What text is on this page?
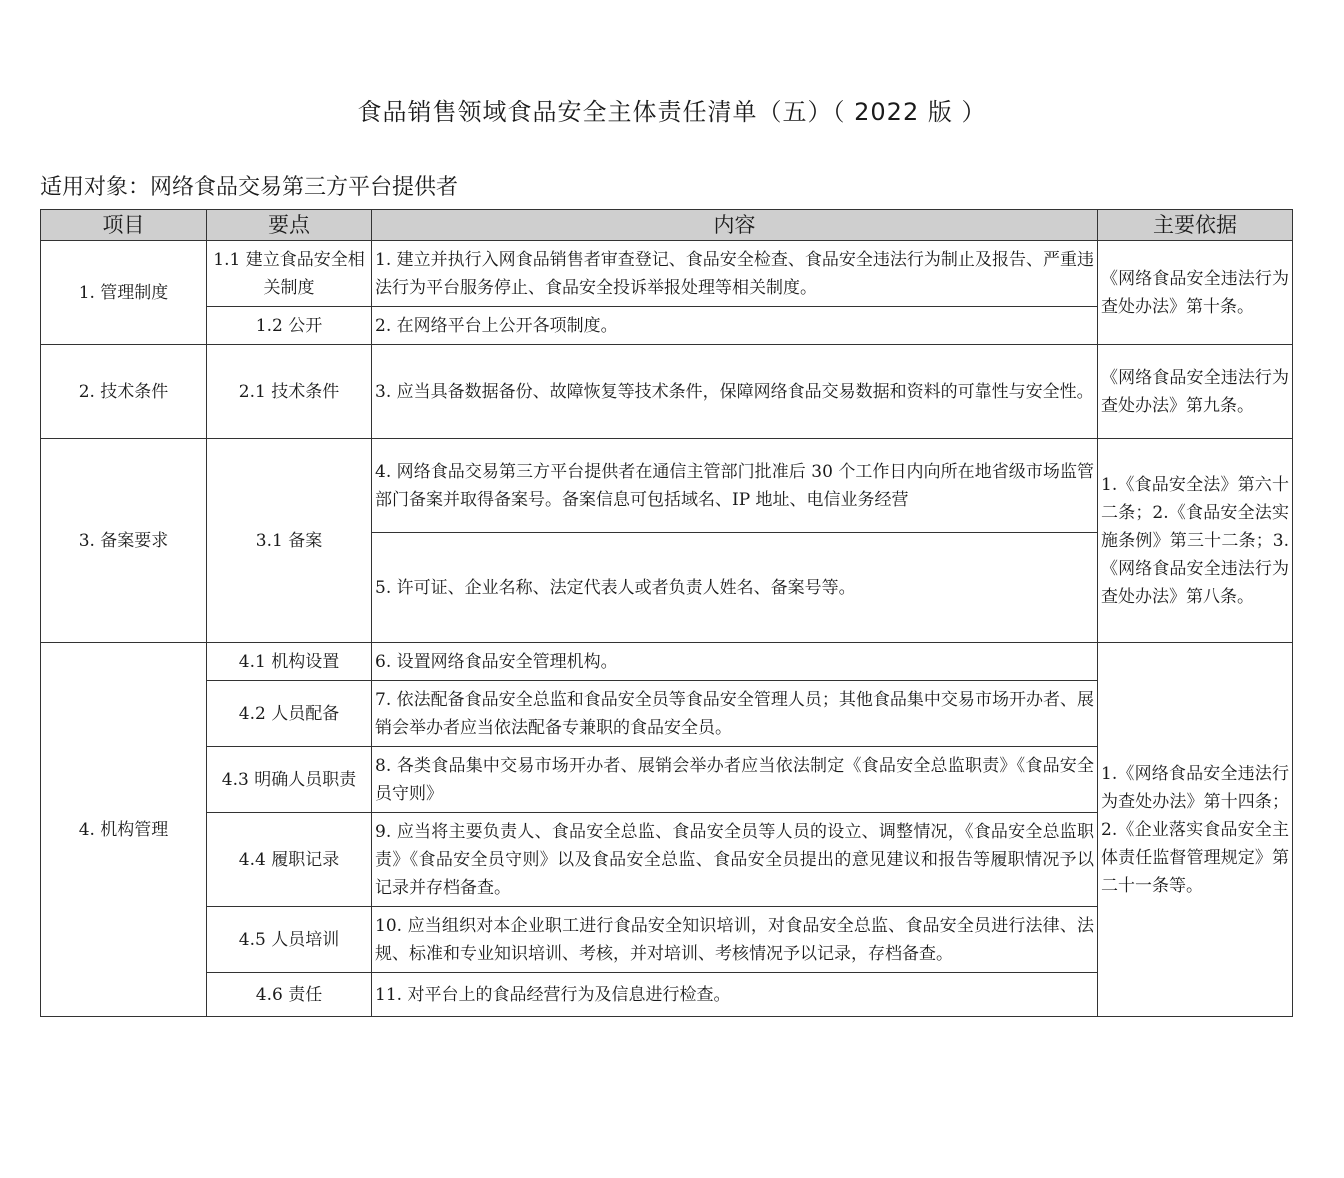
食品销售领域食品安全主体责任清单（五）（ 2022 版 ）
适用对象：网络食品交易第三方平台提供者
项目	要点	内容	主要依据
1. 管理制度	1.1 建立食品安全相关制度	1. 建立并执行入网食品销售者审查登记、食品安全检查、食品安全违法行为制止及报告、严重违法行为平台服务停止、食品安全投诉举报处理等相关制度。	《网络食品安全违法行为查处办法》第十条。
	1.2 公开	2. 在网络平台上公开各项制度。	
2. 技术条件	2.1 技术条件	3. 应当具备数据备份、故障恢复等技术条件，保障网络食品交易数据和资料的可靠性与安全性。	《网络食品安全违法行为查处办法》第九条。
3. 备案要求	3.1 备案	4. 网络食品交易第三方平台提供者在通信主管部门批准后 30 个工作日内向所在地省级市场监管部门备案并取得备案号。备案信息可包括域名、IP 地址、电信业务经营	1.《食品安全法》第六十二条；2.《食品安全法实施条例》第三十二条；3.《网络食品安全违法行为查处办法》第八条。
		5. 许可证、企业名称、法定代表人或者负责人姓名、备案号等。	
4. 机构管理	4.1 机构设置	6. 设置网络食品安全管理机构。	1.《网络食品安全违法行为查处办法》第十四条；2.《企业落实食品安全主体责任监督管理规定》第二十一条等。
	4.2 人员配备	7. 依法配备食品安全总监和食品安全员等食品安全管理人员；其他食品集中交易市场开办者、展销会举办者应当依法配备专兼职的食品安全员。	
	4.3 明确人员职责	8. 各类食品集中交易市场开办者、展销会举办者应当依法制定《食品安全总监职责》《食品安全员守则》	
	4.4 履职记录	9. 应当将主要负责人、食品安全总监、食品安全员等人员的设立、调整情况，《食品安全总监职责》《食品安全员守则》以及食品安全总监、食品安全员提出的意见建议和报告等履职情况予以记录并存档备查。	
	4.5 人员培训	10. 应当组织对本企业职工进行食品安全知识培训，对食品安全总监、食品安全员进行法律、法规、标准和专业知识培训、考核，并对培训、考核情况予以记录，存档备查。	
	4.6 责任	11. 对平台上的食品经营行为及信息进行检查。	
